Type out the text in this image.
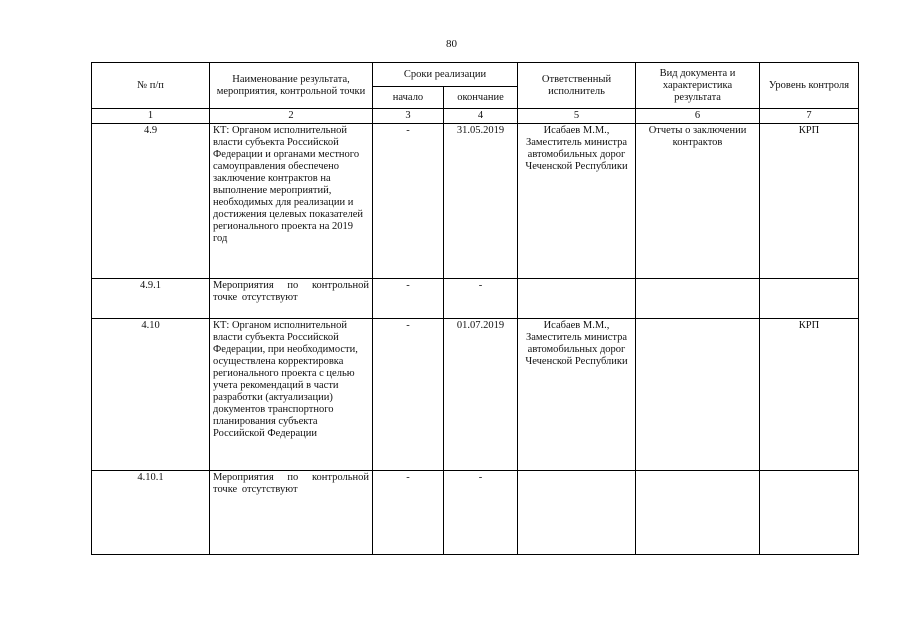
80
№ п/п	Наименование результата, мероприятия, контрольной точки	Сроки реализации		Ответственный исполнитель	Вид документа и характеристика результата	Уровень контроля
		начало	окончание			
1	2	3	4	5	6	7
4.9	КТ: Органом исполнительной власти субъекта Российской Федерации и органами местного самоуправления обеспечено заключение контрактов на выполнение мероприятий, необходимых для реализации и достижения целевых показателей регионального проекта на 2019 год	-	31.05.2019	Исабаев М.М., Заместитель министра автомобильных дорог Чеченской Республики	Отчеты о заключении контрактов	КРП
4.9.1	Мероприятия по контрольной точке отсутствуют	-	-			
4.10	КТ: Органом исполнительной власти субъекта Российской Федерации, при необходимости, осуществлена корректировка регионального проекта с целью учета рекомендаций в части разработки (актуализации) документов транспортного планирования субъекта Российской Федерации	-	01.07.2019	Исабаев М.М., Заместитель министра автомобильных дорог Чеченской Республики		КРП
4.10.1	Мероприятия по контрольной точке отсутствуют	-	-			
